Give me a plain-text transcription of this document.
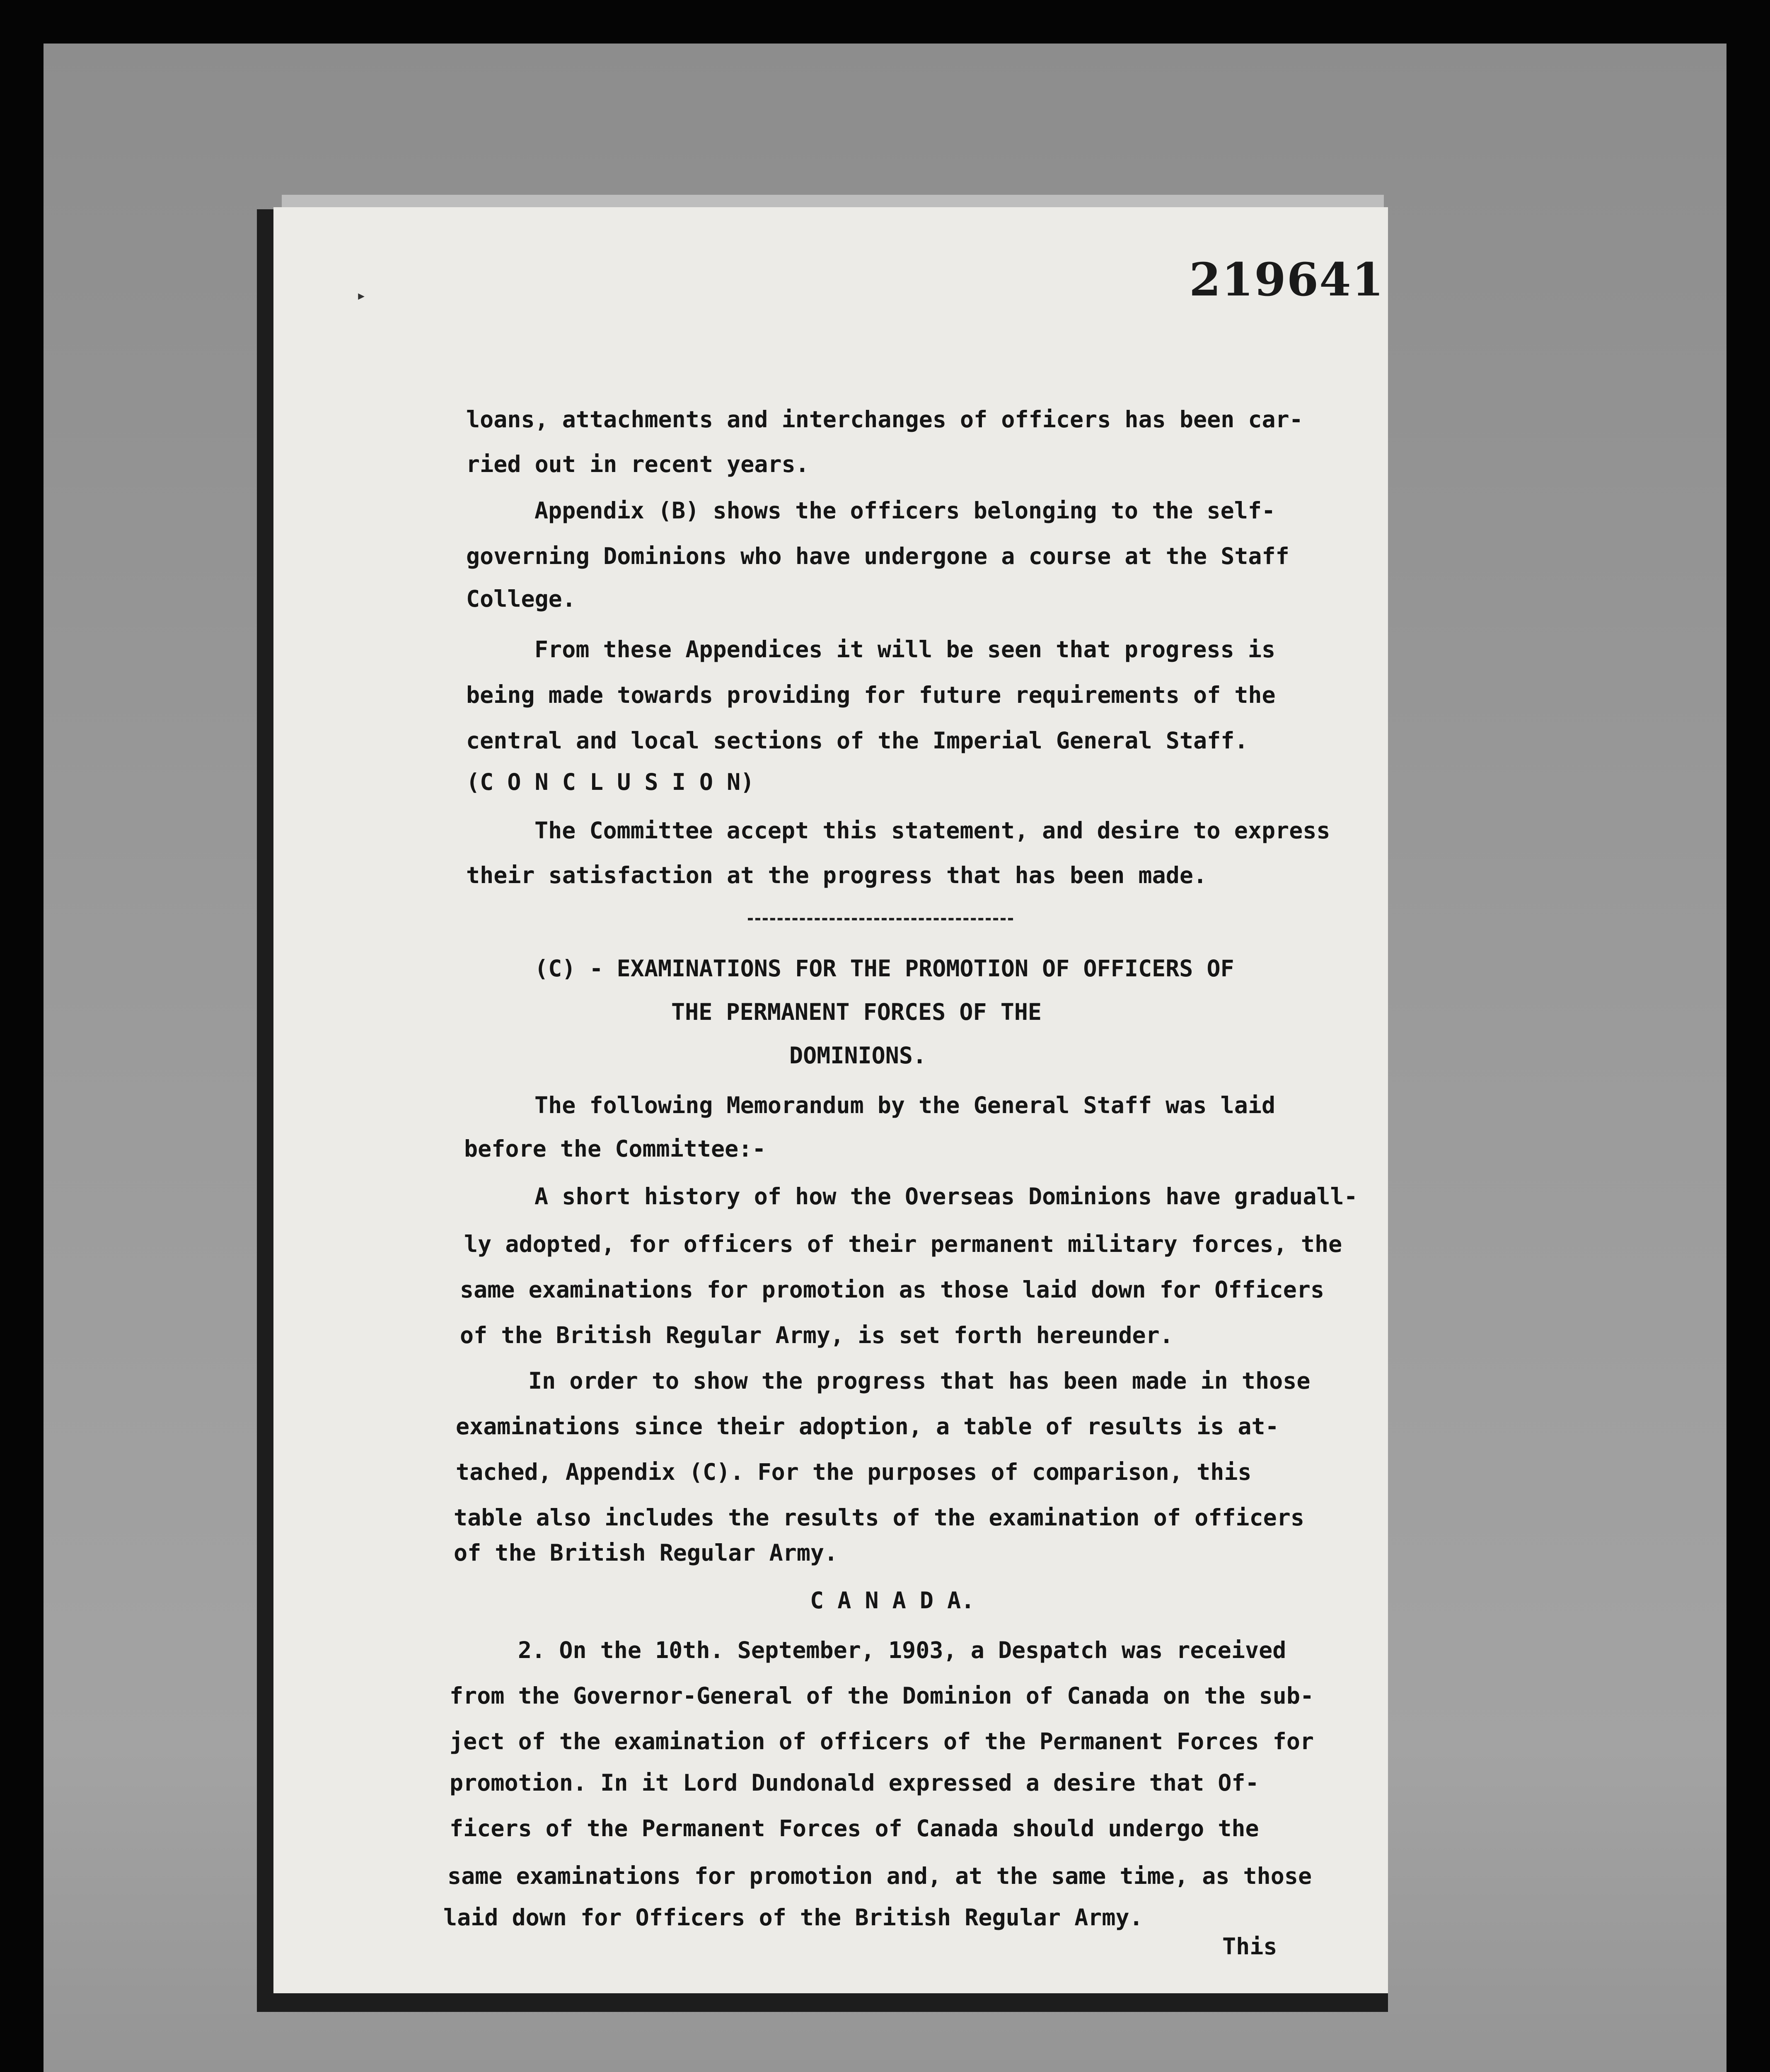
219641
▸
loans, attachments and interchanges of officers has been car-
ried out in recent years.
Appendix (B) shows the officers belonging to the self-
governing Dominions who have undergone a course at the Staff
College.
From these Appendices it will be seen that progress is
being made towards providing for future requirements of the
central and local sections of the Imperial General Staff.
(C O N C L U S I O N)
The Committee accept this statement, and desire to express
their satisfaction at the progress that has been made.
(C) - EXAMINATIONS FOR THE PROMOTION OF OFFICERS OF
THE PERMANENT FORCES OF THE
DOMINIONS.
The following Memorandum by the General Staff was laid
before the Committee:-
A short history of how the Overseas Dominions have graduall-
ly adopted, for officers of their permanent military forces, the
same examinations for promotion as those laid down for Officers
of the British Regular Army, is set forth hereunder.
In order to show the progress that has been made in those
examinations since their adoption, a table of results is at-
tached, Appendix (C). For the purposes of comparison, this
table also includes the results of the examination of officers
of the British Regular Army.
C A N A D A.
2. On the 10th. September, 1903, a Despatch was received
from the Governor-General of the Dominion of Canada on the sub-
ject of the examination of officers of the Permanent Forces for
promotion. In it Lord Dundonald expressed a desire that Of-
ficers of the Permanent Forces of Canada should undergo the
same examinations for promotion and, at the same time, as those
laid down for Officers of the British Regular Army.
This
